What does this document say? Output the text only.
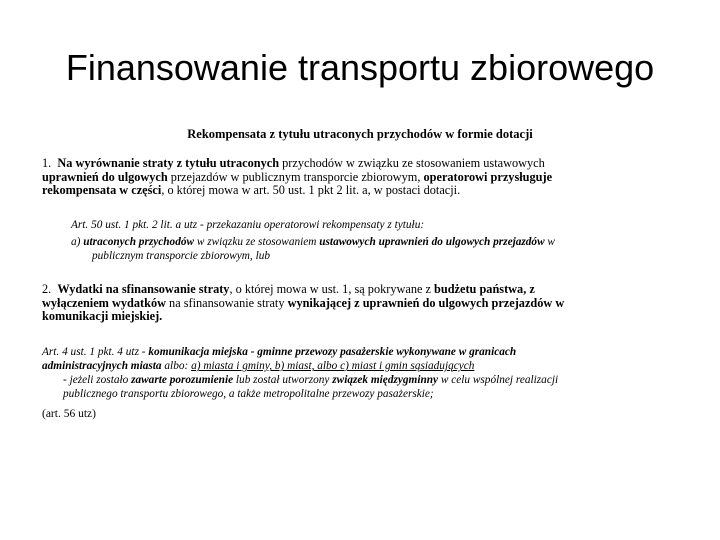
Finansowanie transportu zbiorowego
Rekompensata z tytułu utraconych przychodów w formie dotacji
1. Na wyrównanie straty z tytułu utraconych przychodów w związku ze stosowaniem ustawowych
uprawnień do ulgowych przejazdów w publicznym transporcie zbiorowym, operatorowi przysługuje
rekompensata w części, o której mowa w art. 50 ust. 1 pkt 2 lit. a, w postaci dotacji.
Art. 50 ust. 1 pkt. 2 lit. a utz - przekazaniu operatorowi rekompensaty z tytułu:
a) utraconych przychodów w związku ze stosowaniem ustawowych uprawnień do ulgowych przejazdów w
publicznym transporcie zbiorowym, lub
2. Wydatki na sfinansowanie straty, o której mowa w ust. 1, są pokrywane z budżetu państwa, z
wyłączeniem wydatków na sfinansowanie straty wynikającej z uprawnień do ulgowych przejazdów w
komunikacji miejskiej.
Art. 4 ust. 1 pkt. 4 utz - komunikacja miejska - gminne przewozy pasażerskie wykonywane w granicach
administracyjnych miasta albo: a) miasta i gminy, b) miast, albo c) miast i gmin sąsiadujących
- jeżeli zostało zawarte porozumienie lub został utworzony związek międzygminny w celu wspólnej realizacji
publicznego transportu zbiorowego, a także metropolitalne przewozy pasażerskie;
(art. 56 utz)
